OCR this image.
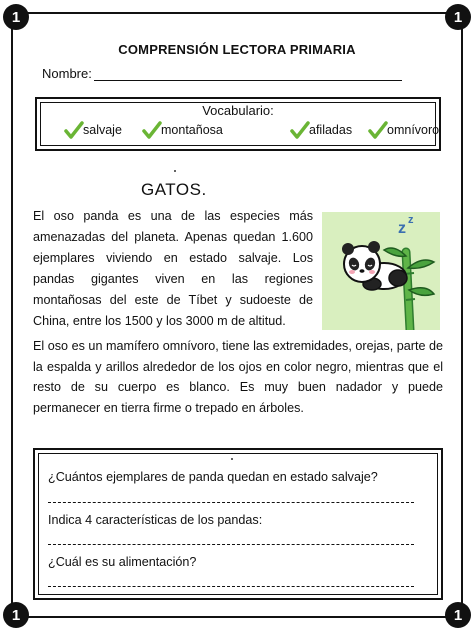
1	1
1	1
COMPRENSIÓN LECTORA PRIMARIA
Nombre:
Vocabulario:
salvaje	montañosa	afiladas	omnívoro
GATOS.

El oso panda es una de las especies más amenazadas del planeta. Apenas quedan 1.600 ejemplares viviendo en estado salvaje. Los pandas gigantes viven en las regiones montañosas del este de Tíbet y sudoeste de China, entre los 1500 y los 3000 m de altitud.

z z

El oso es un mamífero omnívoro, tiene las extremidades, orejas, parte de la espalda y arillos alrededor de los ojos en color negro, mientras que el resto de su cuerpo es blanco. Es muy buen nadador y puede permanecer en tierra firme o trepado en árboles.

¿Cuántos ejemplares de panda quedan en estado salvaje?
Indica 4 características de los pandas:
¿Cuál es su alimentación?
